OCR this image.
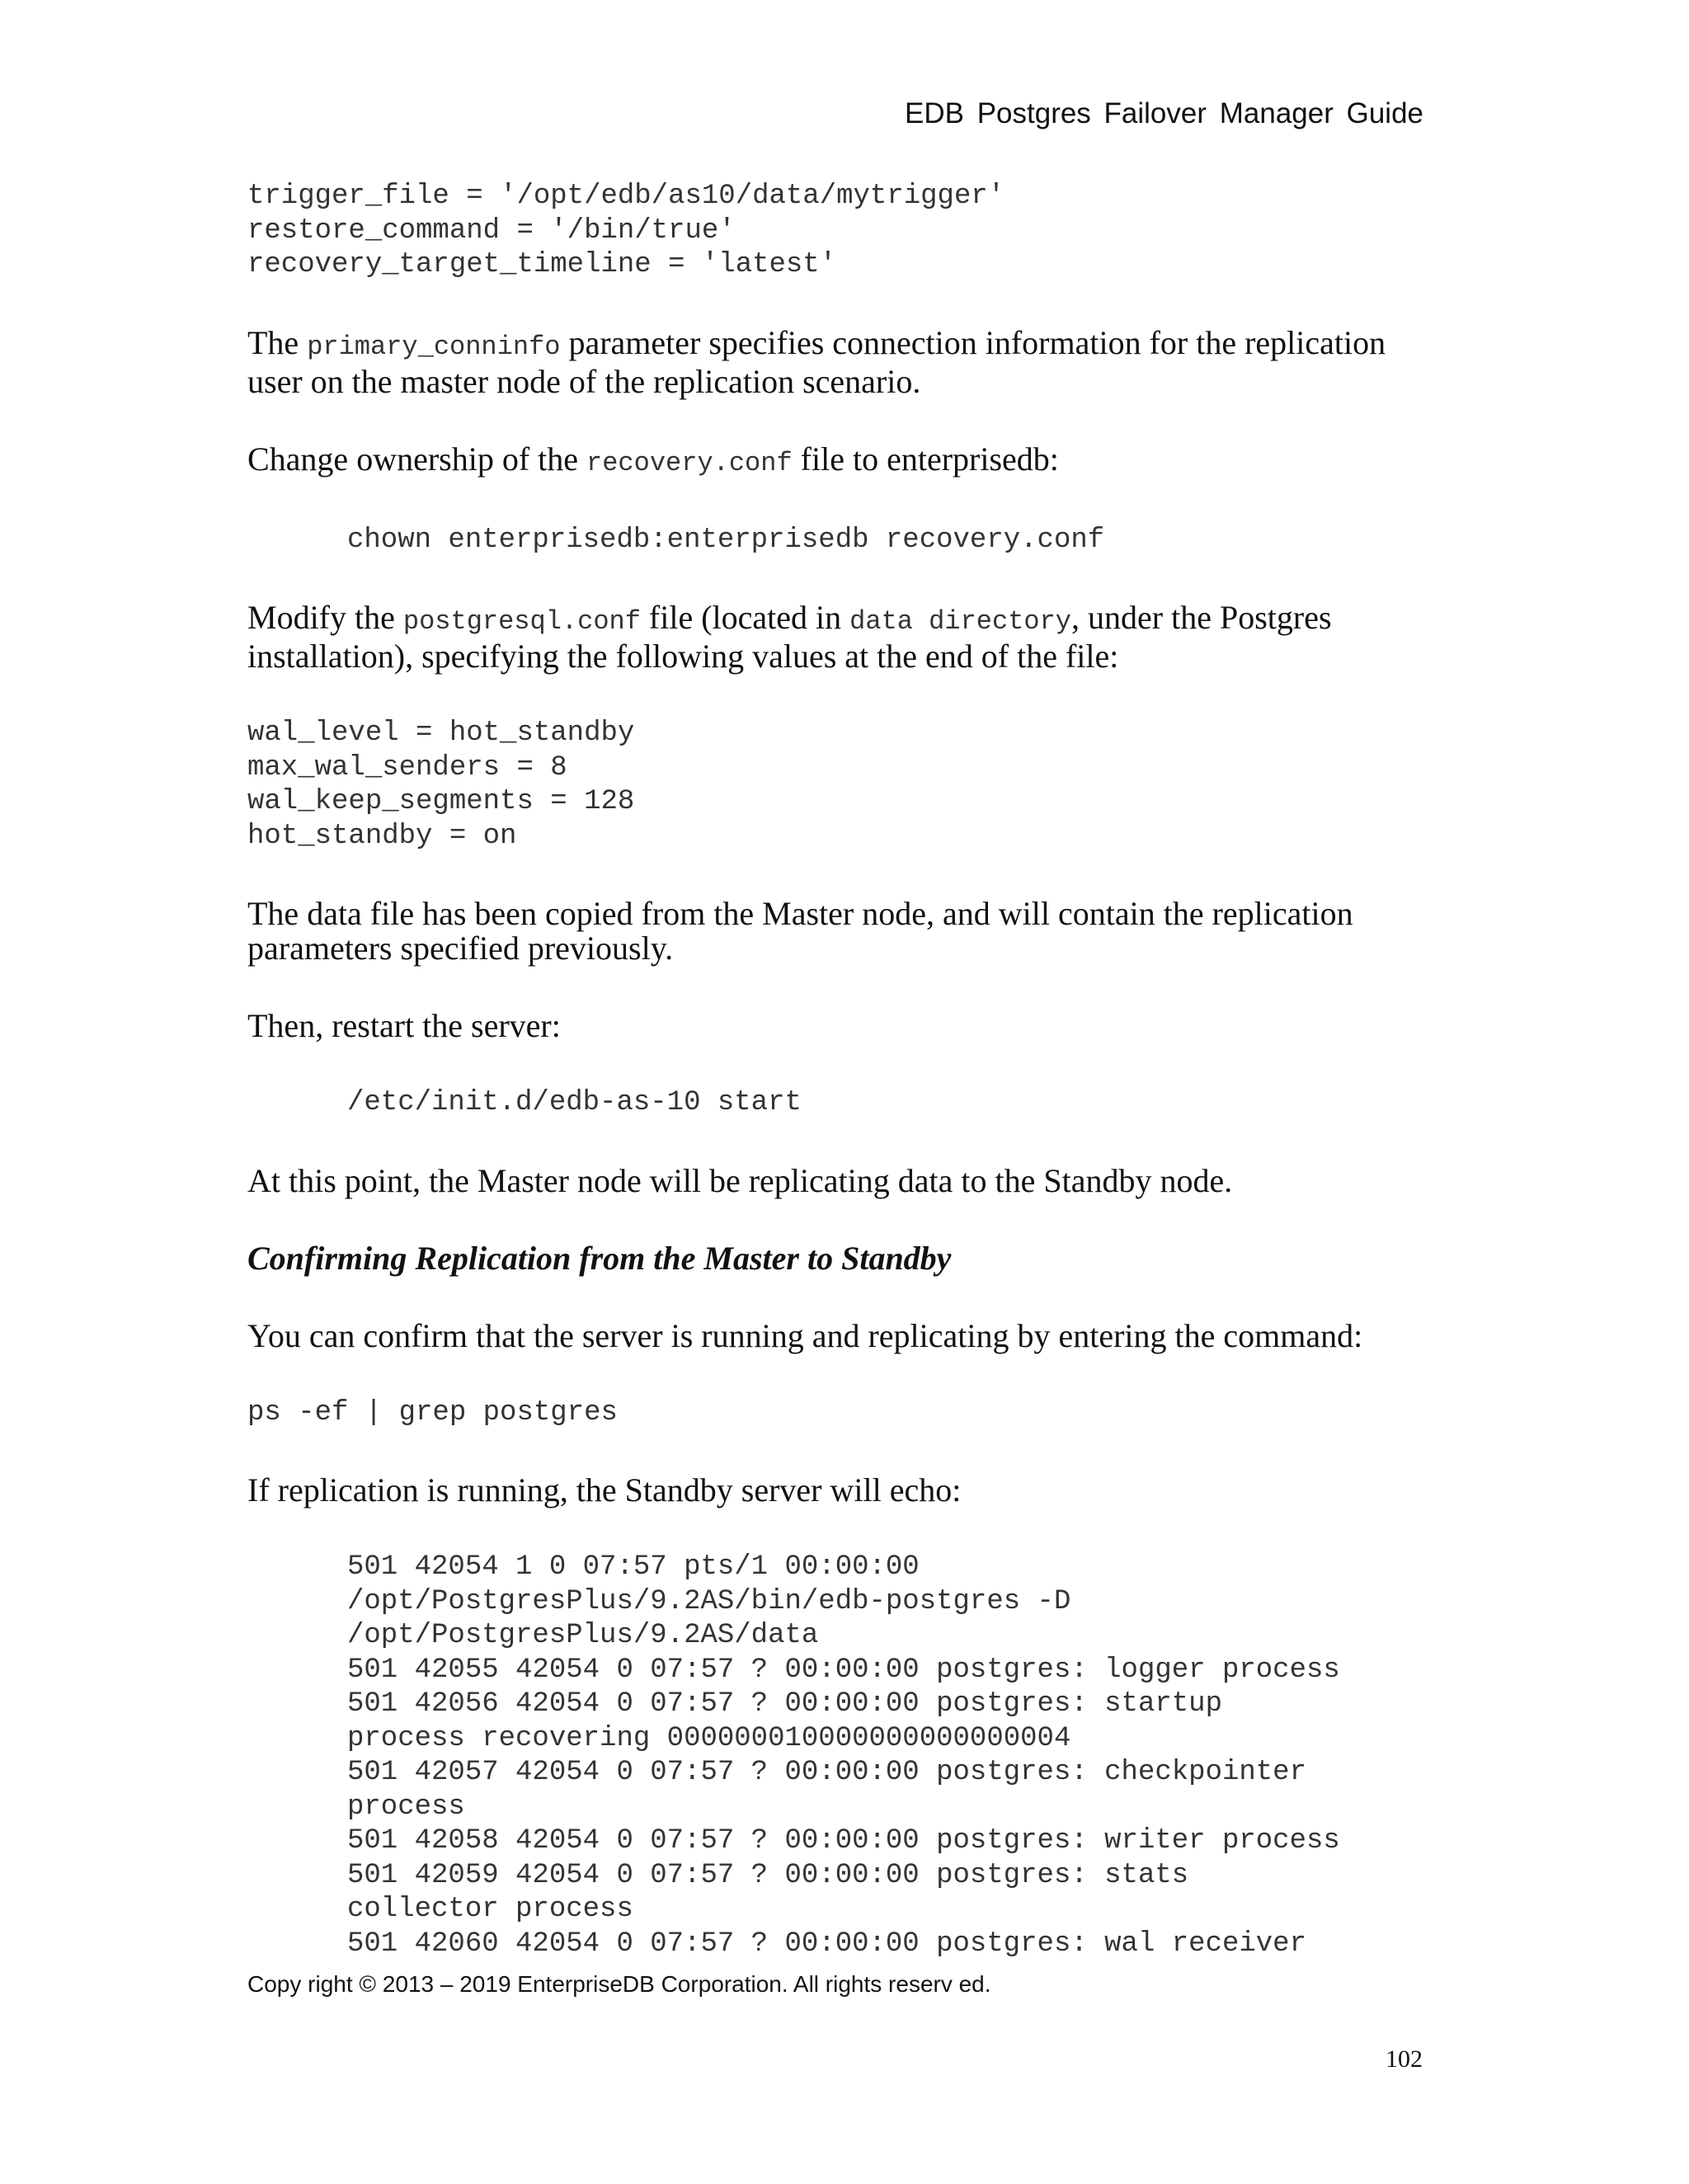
EDB Postgres Failover Manager Guide
trigger_file = '/opt/edb/as10/data/mytrigger'
restore_command = '/bin/true'
recovery_target_timeline = 'latest'

The primary_conninfo parameter specifies connection information for the replication user on the master node of the replication scenario.

Change ownership of the recovery.conf file to enterprisedb:

chown enterprisedb:enterprisedb recovery.conf

Modify the postgresql.conf file (located in data directory, under the Postgres installation), specifying the following values at the end of the file:

wal_level = hot_standby
max_wal_senders = 8
wal_keep_segments = 128
hot_standby = on

The data file has been copied from the Master node, and will contain the replication parameters specified previously.

Then, restart the server:

/etc/init.d/edb-as-10 start

At this point, the Master node will be replicating data to the Standby node.

Confirming Replication from the Master to Standby

You can confirm that the server is running and replicating by entering the command:

ps -ef | grep postgres

If replication is running, the Standby server will echo:

501 42054 1 0 07:57 pts/1 00:00:00
/opt/PostgresPlus/9.2AS/bin/edb-postgres -D
/opt/PostgresPlus/9.2AS/data
501 42055 42054 0 07:57 ? 00:00:00 postgres: logger process
501 42056 42054 0 07:57 ? 00:00:00 postgres: startup
process recovering 000000010000000000000004
501 42057 42054 0 07:57 ? 00:00:00 postgres: checkpointer
process
501 42058 42054 0 07:57 ? 00:00:00 postgres: writer process
501 42059 42054 0 07:57 ? 00:00:00 postgres: stats
collector process
501 42060 42054 0 07:57 ? 00:00:00 postgres: wal receiver
Copy right © 2013 – 2019 EnterpriseDB Corporation. All rights reserv ed.
102
